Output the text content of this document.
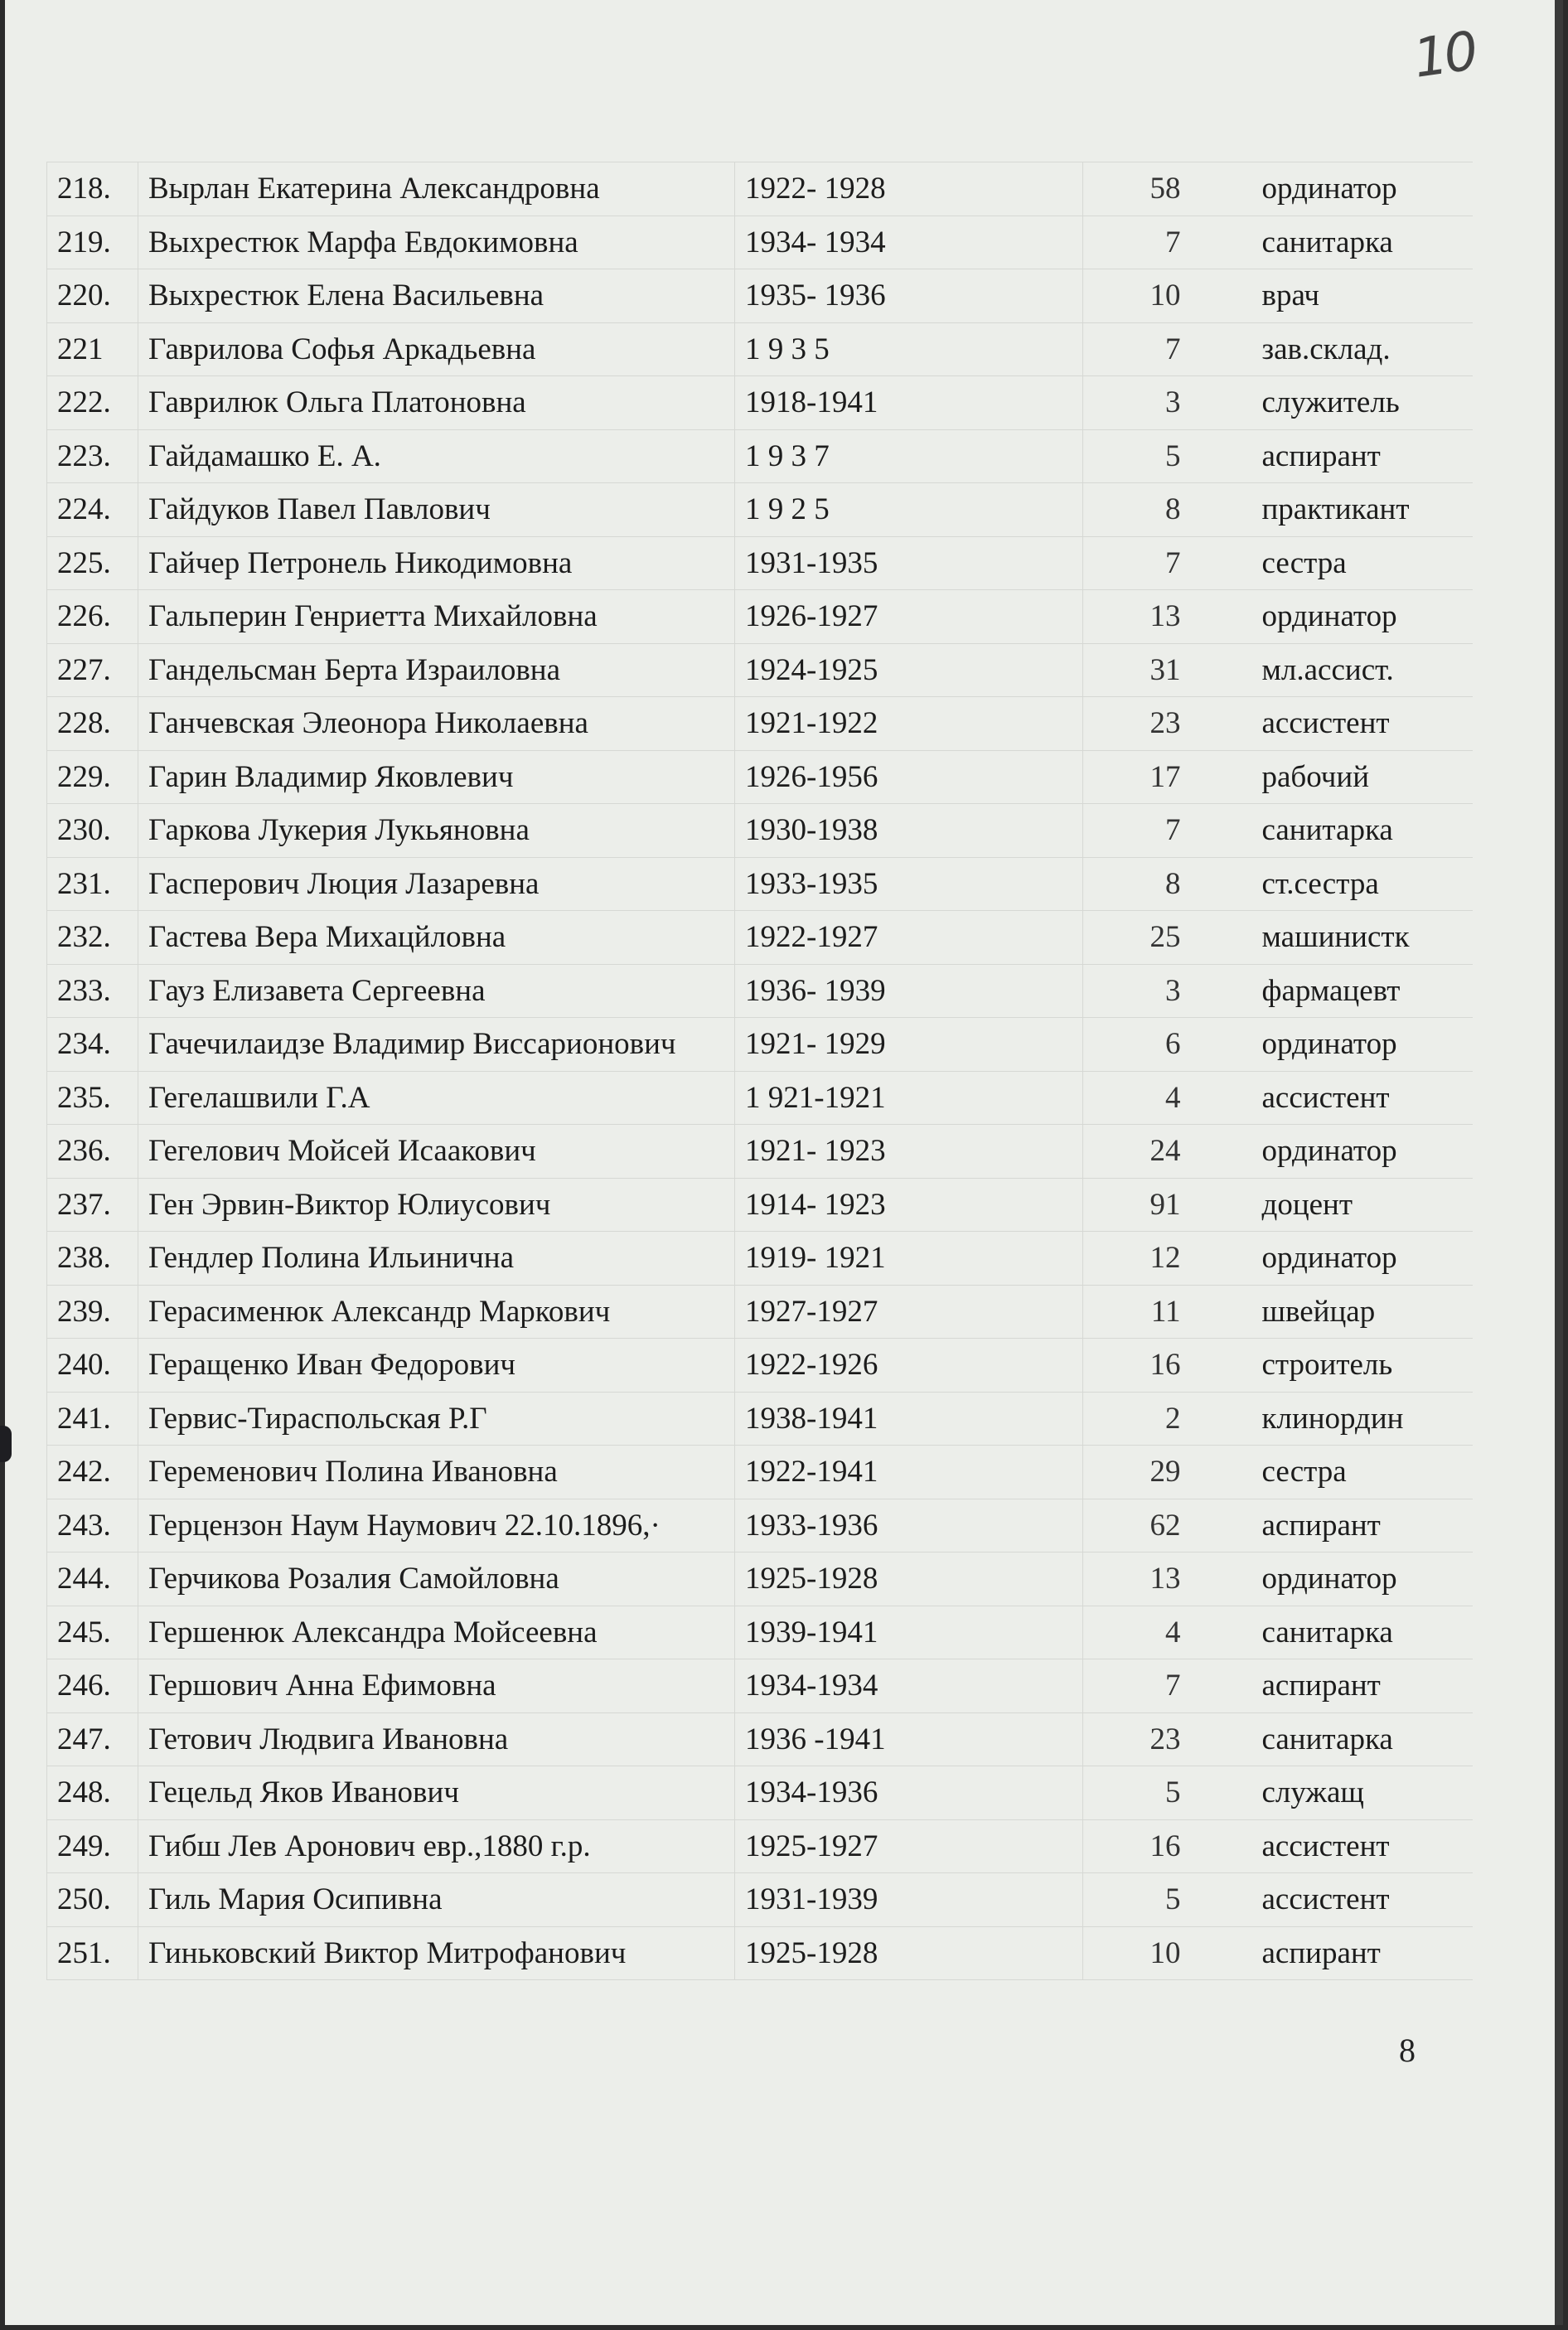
10
218.	Вырлан Екатерина Александровна	1922- 1928	58	ординатор
219.	Выхрестюк Марфа Евдокимовна	1934- 1934	7	санитарка
220.	Выхрестюк Елена Васильевна	1935- 1936	10	врач
221	Гаврилова Софья Аркадьевна	1 9 3 5	7	зав.склад.
222.	Гаврилюк Ольга Платоновна	1918-1941	3	служитель
223.	Гайдамашко Е. А.	1 9 3 7	5	аспирант
224.	Гайдуков Павел Павлович	1 9 2 5	8	практикант
225.	Гайчер Петронель Никодимовна	1931-1935	7	сестра
226.	Гальперин Генриетта Михайловна	1926-1927	13	ординатор
227.	Гандельсман Берта Израиловна	1924-1925	31	мл.ассист.
228.	Ганчевская Элеонора Николаевна	1921-1922	23	ассистент
229.	Гарин Владимир Яковлевич	1926-1956	17	рабочий
230.	Гаркова Лукерия Лукьяновна	1930-1938	7	санитарка
231.	Гасперович Люция Лазаревна	1933-1935	8	ст.сестра
232.	Гастева Вера Михацйловна	1922-1927	25	машинистк
233.	Гауз Елизавета Сергеевна	1936- 1939	3	фармацевт
234.	Гачечилаидзе Владимир Виссарионович	1921- 1929	6	ординатор
235.	Гегелашвили Г.А	1 921-1921	4	ассистент
236.	Гегелович Мойсей Исаакович	1921- 1923	24	ординатор
237.	Ген Эрвин-Виктор Юлиусович	1914- 1923	91	доцент
238.	Гендлер Полина Ильинична	1919- 1921	12	ординатор
239.	Герасименюк Александр Маркович	1927-1927	11	швейцар
240.	Геращенко Иван Федорович	1922-1926	16	строитель
241.	Гервис-Тираспольская Р.Г	1938-1941	2	клинордин
242.	Геременович Полина Ивановна	1922-1941	29	сестра
243.	Герцензон Наум Наумович 22.10.1896,·	1933-1936	62	аспирант
244.	Герчикова Розалия Самойловна	1925-1928	13	ординатор
245.	Гершенюк Александра Мойсеевна	1939-1941	4	санитарка
246.	Гершович Анна Ефимовна	1934-1934	7	аспирант
247.	Гетович Людвига Ивановна	1936 -1941	23	санитарка
248.	Гецельд Яков Иванович	1934-1936	5	служащ
249.	Гибш Лев Аронович евр.,1880 г.р.	1925-1927	16	ассистент
250.	Гиль Мария Осипивна	1931-1939	5	ассистент
251.	Гиньковский Виктор Митрофанович	1925-1928	10	аспирант
8
